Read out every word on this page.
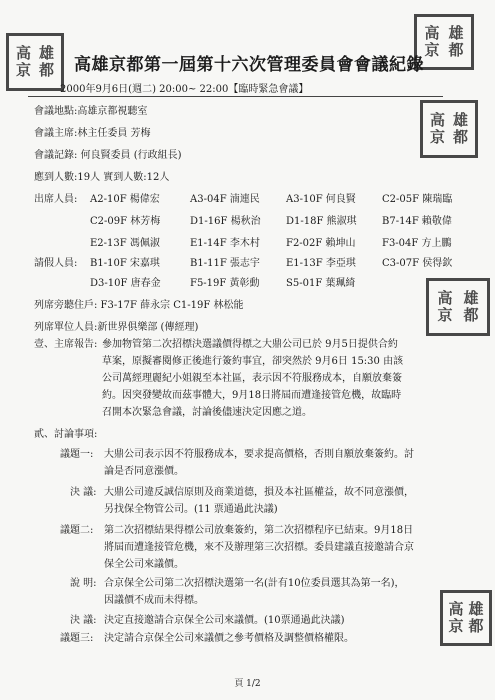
高 雄
京 都
高 雄
京 都
高 雄
京 都
高 雄
京 都
高 雄
京 都
高雄京都第一屆第十六次管理委員會會議紀錄
2000年9月6日(週二) 20:00~ 22:00【臨時緊急會議】
會議地點:高雄京都視聽室
會議主席:林主任委員 芳梅
會議記錄: 何良賢委員 (行政組長)
應到人數:19人 實到人數:12人
出席人員: A2-10F 楊偉宏	A3-04F 湳連民	A3-10F 何良賢	C2-05F 陳瑞臨
C2-09F 林芳梅	D1-16F 楊秋治	D1-18F 熊淑琪	B7-14F 賴敬偉
E2-13F 馮佩淑	E1-14F 李木村	F2-02F 賴坤山	F3-04F 方上鵬
請假人員: B1-10F 宋嘉琪	B1-11F 張志宇	E1-13F 李亞琪	C3-07F 侯得欽
D3-10F 唐春金	F5-19F 黃彰動	S5-01F 葉珮綺
列席旁聽住戶: F3-17F 薛永宗 C1-19F 林松能
列席單位人員:新世界俱樂部 (傳經理)
壹、主席報告: 參加物管第二次招標決選議價得標之大鼎公司已於 9月5日提供合約
草案，原擬審閱修正後進行簽約事宜，卻突然於 9月6日 15:30 由該
公司萬經理麗紀小姐親至本社區，表示因不符服務成本，自願放棄簽
約。因突發變故而茲事體大，9月18日將屆而遭逢接管危機，故臨時
召開本次緊急會議，討論後儘速決定因應之道。
貳、討論事項:
議題一: 大鼎公司表示因不符服務成本，要求提高價格，否則自願放棄簽約。討
論是否同意漲價。
決 議: 大鼎公司違反誠信原則及商業道德，損及本社區權益，故不同意漲價，
另找保全物管公司。(11 票通過此決議)
議題二: 第二次招標結果得標公司放棄簽約，第二次招標程序已結束。9月18日
將屆而遭逢接管危機，來不及辦理第三次招標。委員建議直接邀請合京
保全公司來議價。
說 明: 合京保全公司第二次招標決選第一名(計有10位委員選其為第一名)，
因議價不成而未得標。
決 議: 決定直接邀請合京保全公司來議價。(10票通過此決議)
議題三: 決定請合京保全公司來議價之參考價格及調整價格權限。
頁 1/2
